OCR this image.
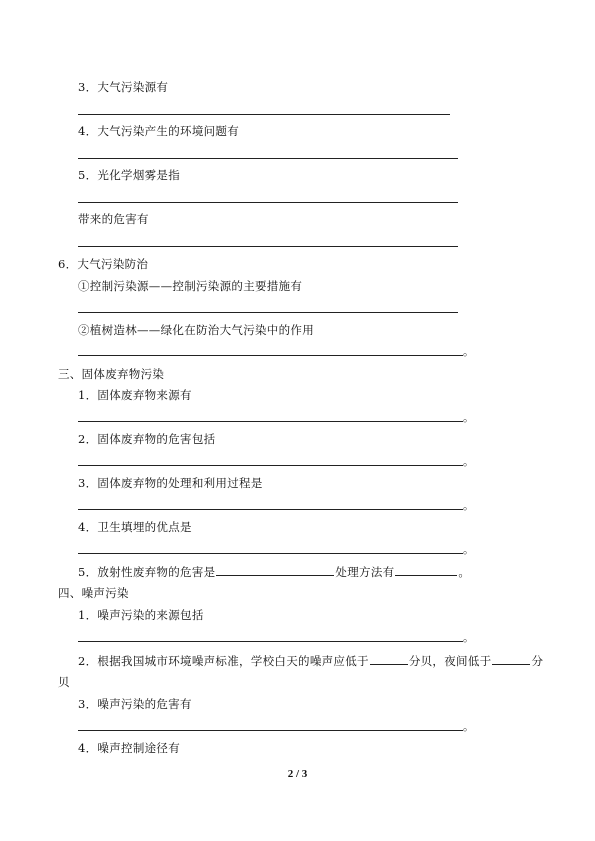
3．大气污染源有
4．大气污染产生的环境问题有
5．光化学烟雾是指
带来的危害有
6．大气污染防治
①控制污染源——控制污染源的主要措施有
②植树造林——绿化在防治大气污染中的作用
。
三、固体废弃物污染
1．固体废弃物来源有
。
2．固体废弃物的危害包括
。
3．固体废弃物的处理和利用过程是
。
4．卫生填埋的优点是
。
5．放射性废弃物的危害是	处理方法有	。
四、噪声污染
1．噪声污染的来源包括
。
2．根据我国城市环境噪声标准，学校白天的噪声应低于	分贝，夜间低于	分
贝
3．噪声污染的危害有
。
4．噪声控制途径有
2 / 3
